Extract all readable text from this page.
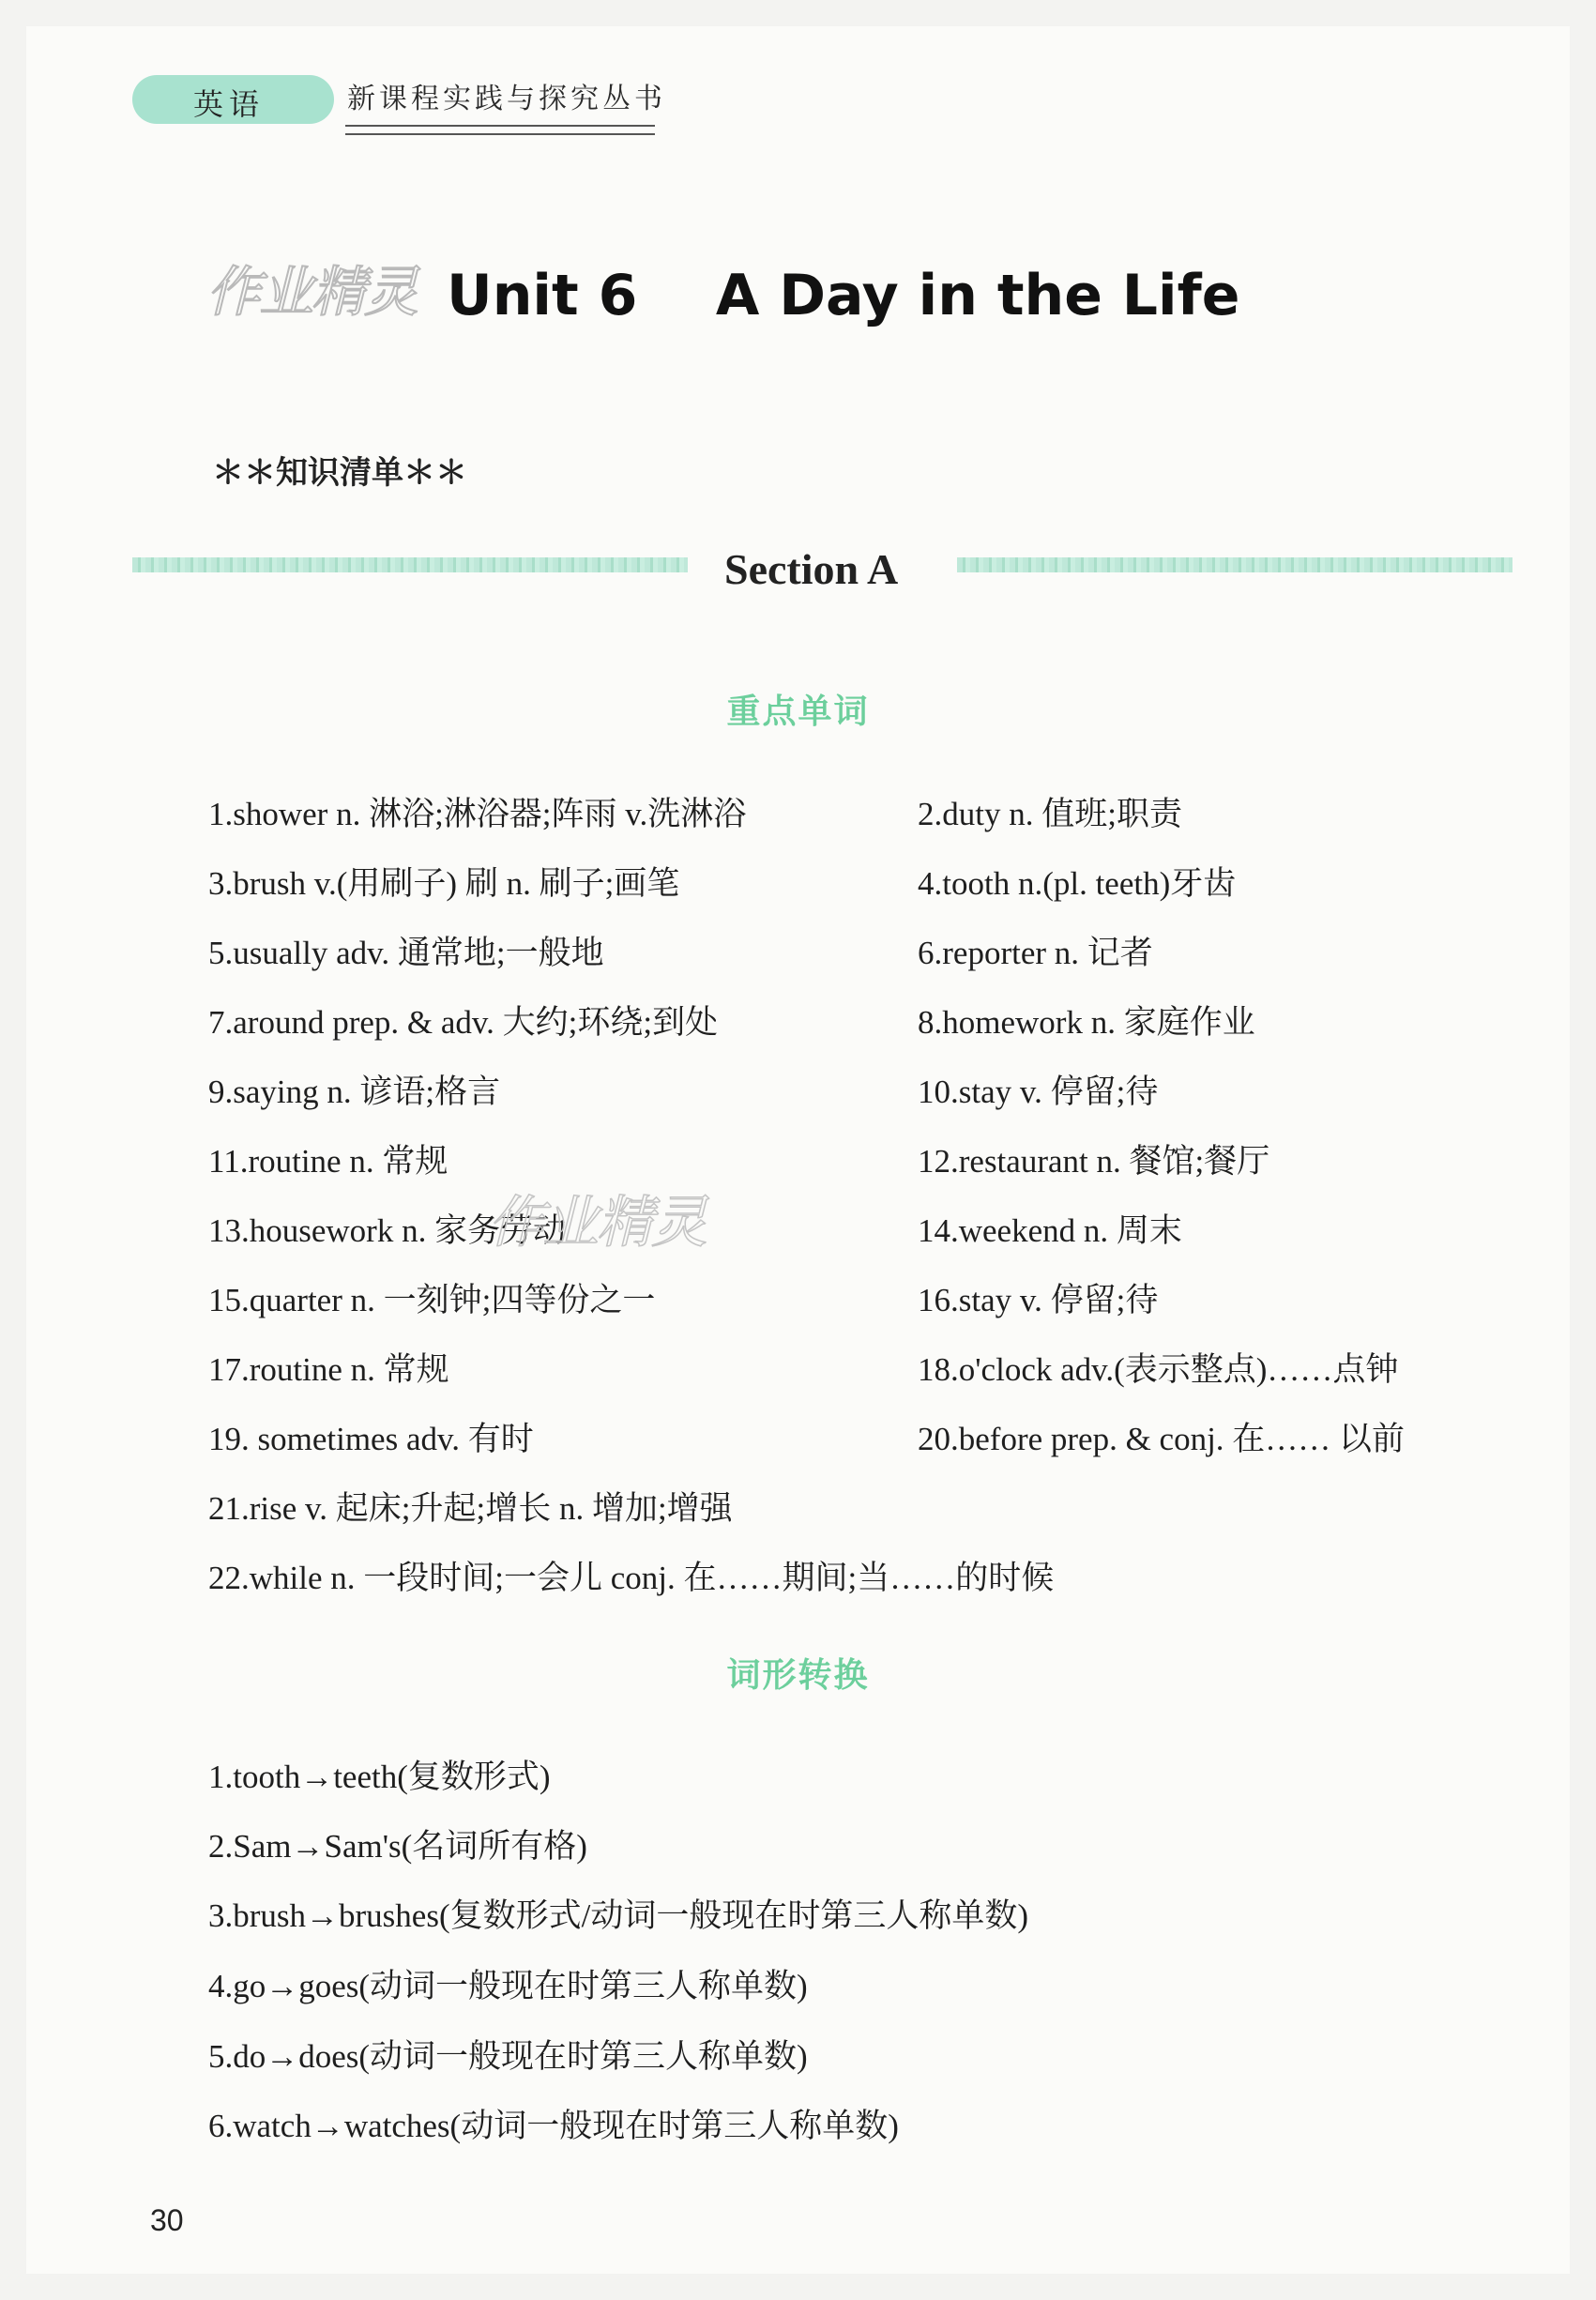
英语	新课程实践与探究丛书
作业精灵 Unit 6    A Day in the Life
＊＊知识清单＊＊
Section A
重点单词
1.shower n. 淋浴;淋浴器;阵雨 v.洗淋浴	2.duty n. 值班;职责
3.brush v.(用刷子) 刷 n. 刷子;画笔	4.tooth n.(pl. teeth)牙齿
5.usually adv. 通常地;一般地	6.reporter n. 记者
7.around prep. & adv. 大约;环绕;到处	8.homework n. 家庭作业
9.saying n. 谚语;格言	10.stay v. 停留;待
11.routine n. 常规	12.restaurant n. 餐馆;餐厅
13.housework n. 家务劳动	14.weekend n. 周末
15.quarter n. 一刻钟;四等份之一	16.stay v. 停留;待
17.routine n. 常规	18.o'clock adv.(表示整点)……点钟
19. sometimes adv. 有时	20.before prep. & conj. 在…… 以前
21.rise v. 起床;升起;增长 n. 增加;增强
22.while n. 一段时间;一会儿 conj. 在……期间;当……的时候
作业精灵
词形转换
1.tooth→teeth(复数形式)
2.Sam→Sam's(名词所有格)
3.brush→brushes(复数形式/动词一般现在时第三人称单数)
4.go→goes(动词一般现在时第三人称单数)
5.do→does(动词一般现在时第三人称单数)
6.watch→watches(动词一般现在时第三人称单数)
30
